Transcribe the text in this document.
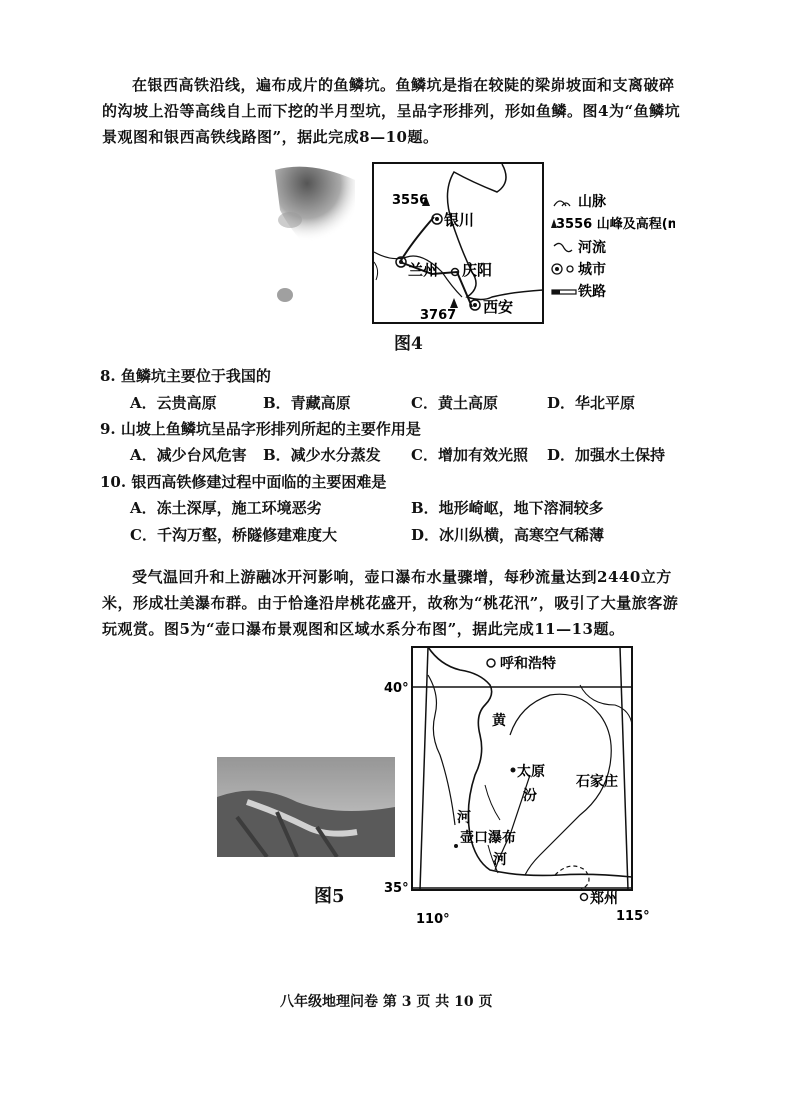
在银西高铁沿线，遍布成片的鱼鳞坑。鱼鳞坑是指在较陡的梁峁坡面和支离破碎的沟坡上沿等高线自上而下挖的半月型坑，呈品字形排列，形如鱼鳞。图4为“鱼鳞坑景观图和银西高铁线路图”，据此完成8—10题。
3556
3767
银川
兰州 庆阳
西安
山脉
3556 山峰及高程(m)
河流
城市
铁路
图4
8. 鱼鳞坑主要位于我国的
A．云贵高原	B．青藏高原	C．黄土高原	D．华北平原
9. 山坡上鱼鳞坑呈品字形排列所起的主要作用是
A．减少台风危害 B．减少水分蒸发 C．增加有效光照 D．加强水土保持
10. 银西高铁修建过程中面临的主要困难是
A．冻土深厚，施工环境恶劣	B．地形崎岖，地下溶洞较多
C．千沟万壑，桥隧修建难度大	D．冰川纵横，高寒空气稀薄
受气温回升和上游融冰开河影响，壶口瀑布水量骤增，每秒流量达到2440立方米，形成壮美瀑布群。由于恰逢沿岸桃花盛开，故称为“桃花汛”，吸引了大量旅客游玩观赏。图5为“壶口瀑布景观图和区域水系分布图”，据此完成11—13题。
图5
40°
35°
110°	115°
呼和浩特
太原
石家庄
壶口瀑布
郑州
黄
河
汾
河
八年级地理问卷 第 3 页 共 10 页
